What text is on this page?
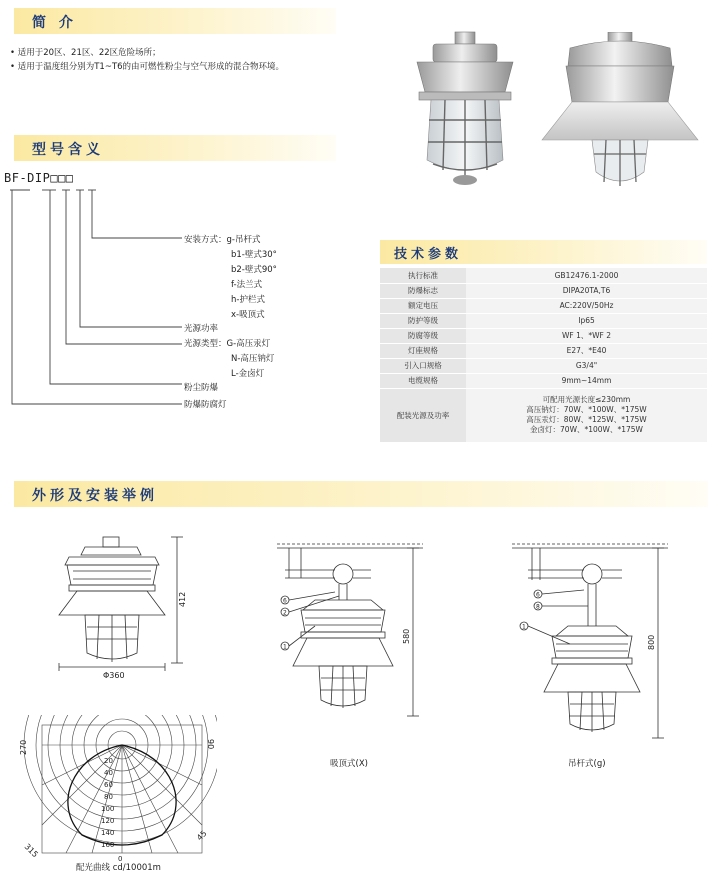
简 介
• 适用于20区、21区、22区危险场所；
• 适用于温度组分别为T1~T6的由可燃性粉尘与空气形成的混合物环境。
型号含义
BF-DIP□□□
安装方式：g-吊杆式
b1-壁式30°
b2-壁式90°
f-法兰式
h-护栏式
x-吸顶式
光源功率
光源类型：G-高压汞灯
N-高压钠灯
L-金卤灯
粉尘防爆
防爆防腐灯
技术参数
执行标准	GB12476.1-2000
防爆标志	DIPA20TA,T6
额定电压	AC:220V/50Hz
防护等级	Ip65
防腐等级	WF 1、*WF 2
灯座规格	E27、*E40
引入口规格	G3/4"
电缆规格	9mm~14mm
配装光源及功率	可配用光源长度≤230mm
高压钠灯：70W、*100W、*175W
高压汞灯：80W、*125W、*175W
金卤灯：70W、*100W、*175W
外形及安装举例
412
Φ360
6
2
1
580
吸顶式(X)
6
8
1
800
吊杆式(g)
270	90
315
45
20
40
60
80
100
120
140
160
0
配光曲线 cd/10001m
